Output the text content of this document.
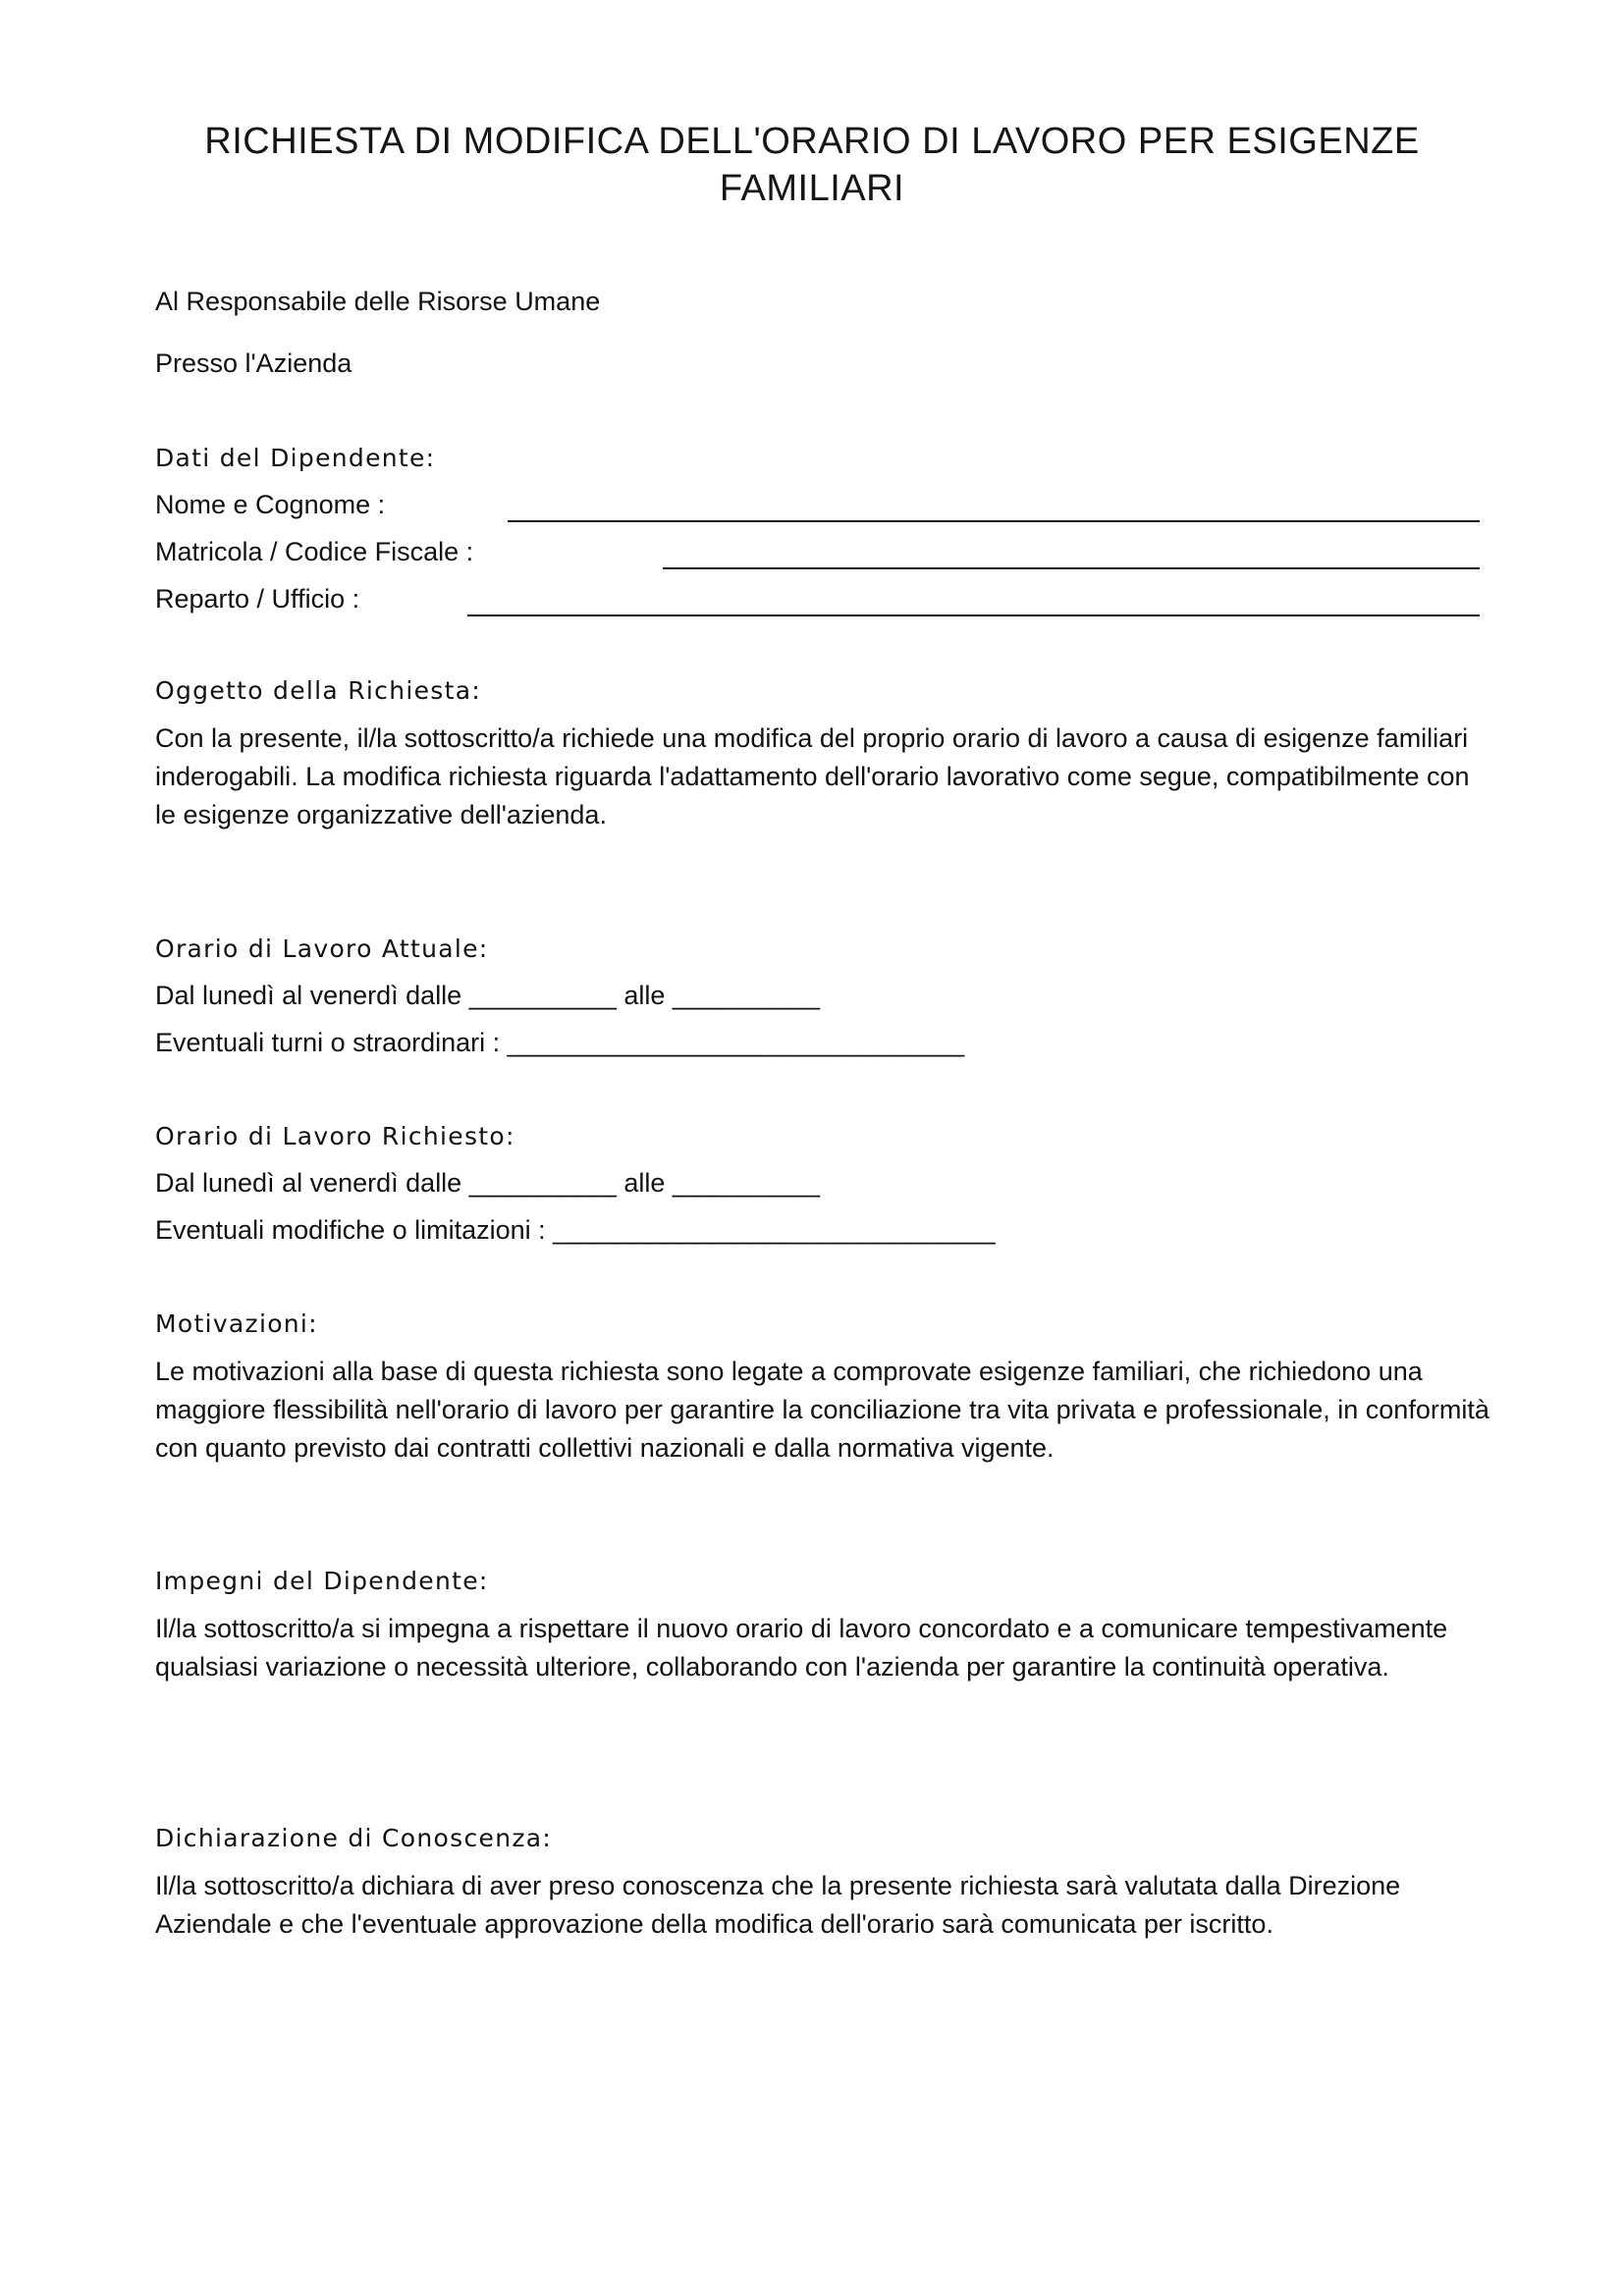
RICHIESTA DI MODIFICA DELL'ORARIO DI LAVORO PER ESIGENZE FAMILIARI
Al Responsabile delle Risorse Umane
Presso l'Azienda
Dati del Dipendente:
Nome e Cognome :
Matricola / Codice Fiscale :
Reparto / Ufficio :
Oggetto della Richiesta:
Con la presente, il/la sottoscritto/a richiede una modifica del proprio orario di lavoro a causa di esigenze familiari inderogabili. La modifica richiesta riguarda l'adattamento dell'orario lavorativo come segue, compatibilmente con le esigenze organizzative dell'azienda.
Orario di Lavoro Attuale:
Dal lunedì al venerdì dalle __________ alle __________
Eventuali turni o straordinari : _______________________________
Orario di Lavoro Richiesto:
Dal lunedì al venerdì dalle __________ alle __________
Eventuali modifiche o limitazioni : ______________________________
Motivazioni:
Le motivazioni alla base di questa richiesta sono legate a comprovate esigenze familiari, che richiedono una maggiore flessibilità nell'orario di lavoro per garantire la conciliazione tra vita privata e professionale, in conformità con quanto previsto dai contratti collettivi nazionali e dalla normativa vigente.
Impegni del Dipendente:
Il/la sottoscritto/a si impegna a rispettare il nuovo orario di lavoro concordato e a comunicare tempestivamente qualsiasi variazione o necessità ulteriore, collaborando con l'azienda per garantire la continuità operativa.
Dichiarazione di Conoscenza:
Il/la sottoscritto/a dichiara di aver preso conoscenza che la presente richiesta sarà valutata dalla Direzione Aziendale e che l'eventuale approvazione della modifica dell'orario sarà comunicata per iscritto.
